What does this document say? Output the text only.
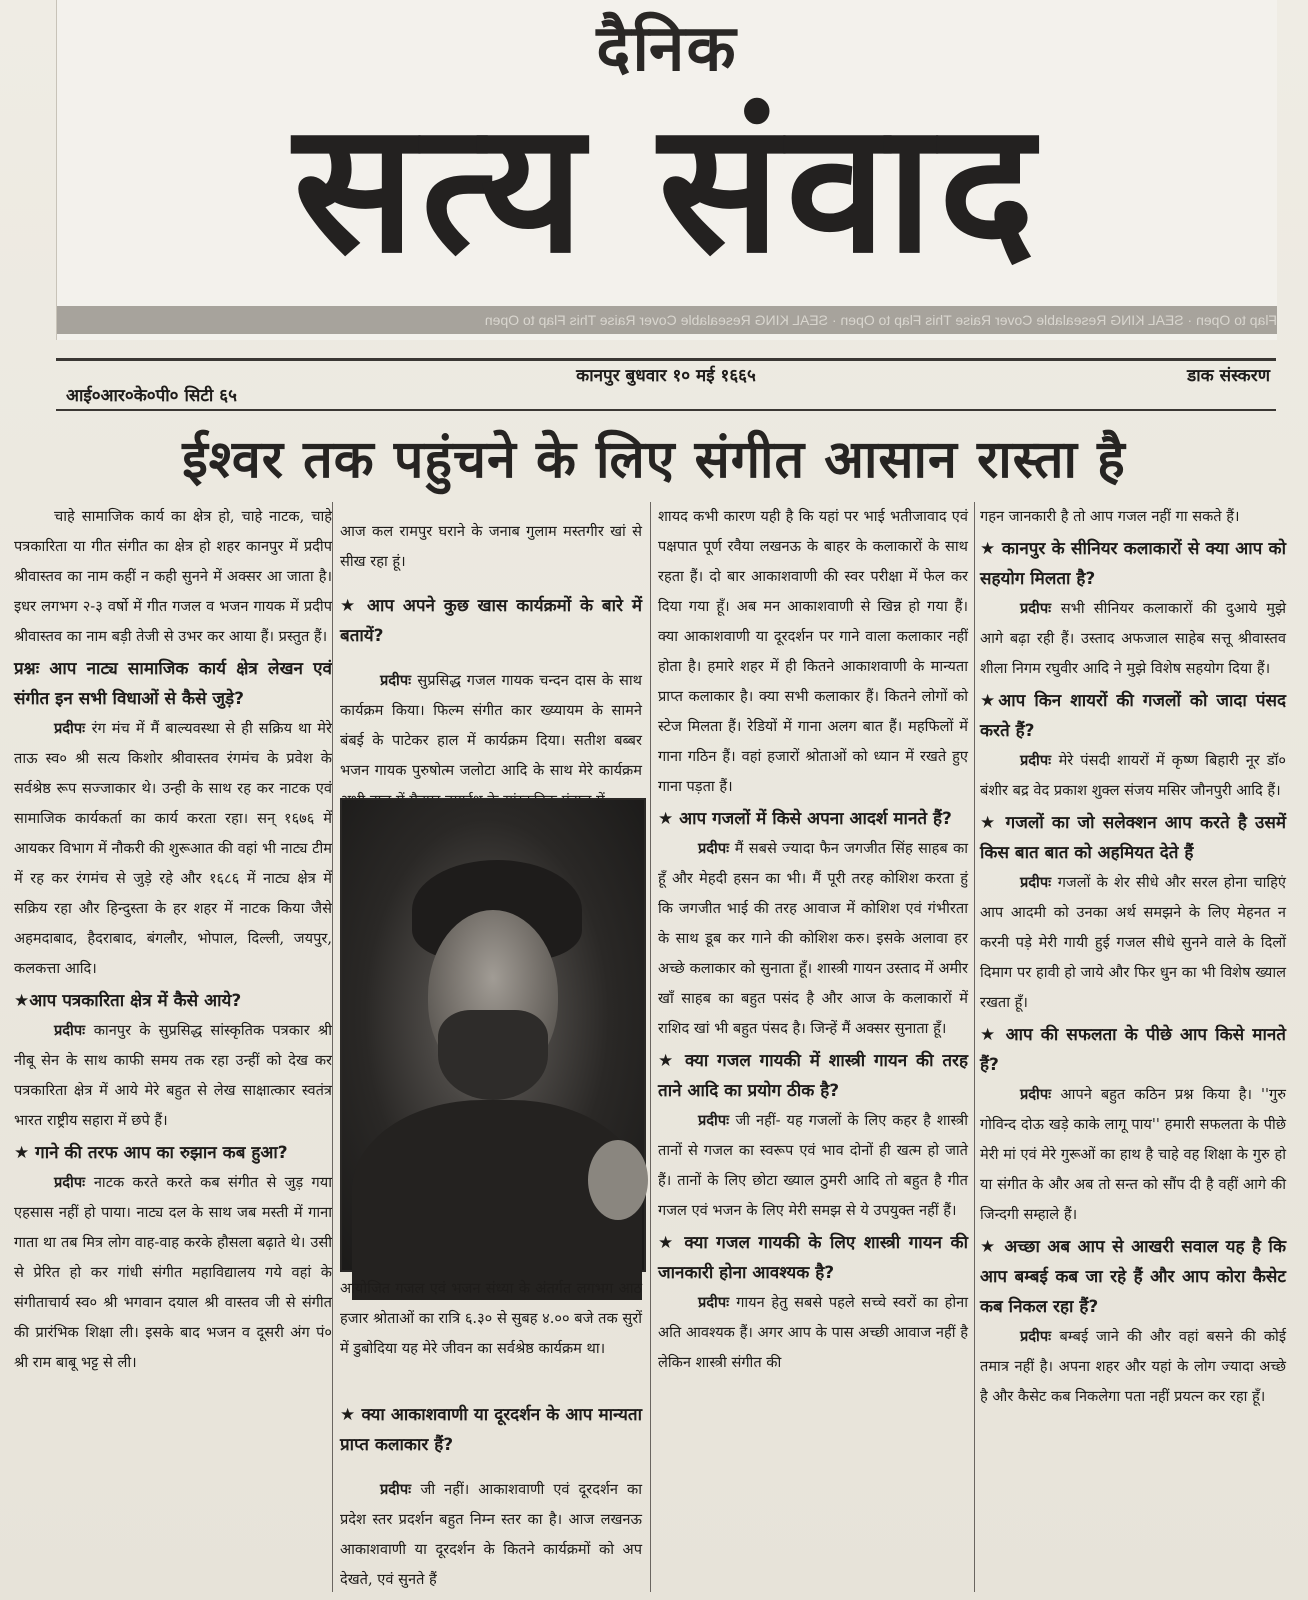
दैनिक
सत्य संवाद
Flap to Open · SEAL KING Resealable Cover Raise This Flap to Open · SEAL KING Resealable Cover Raise This Flap to Open
आई०आर०के०पी० सिटी ६५
कानपुर बुधवार १० मई १६६५	डाक संस्करण
ईश्वर तक पहुंचने के लिए संगीत आसान रास्ता है

चाहे सामाजिक कार्य का क्षेत्र हो, चाहे नाटक, चाहे पत्रकारिता या गीत संगीत का क्षेत्र हो शहर कानपुर में प्रदीप श्रीवास्तव का नाम कहीं न कही सुनने में अक्सर आ जाता है। इधर लगभग २-३ वर्षो में गीत गजल व भजन गायक में प्रदीप श्रीवास्तव का नाम बड़ी तेजी से उभर कर आया हैं। प्रस्तुत हैं।

प्रश्नः आप नाट्य सामाजिक कार्य क्षेत्र लेखन एवं संगीत इन सभी विधाओं से कैसे जुड़े?

प्रदीपः रंग मंच में मैं बाल्यवस्था से ही सक्रिय था मेरे ताऊ स्व० श्री सत्य किशोर श्रीवास्तव रंगमंच के प्रवेश के सर्वश्रेष्ठ रूप सज्जाकार थे। उन्ही के साथ रह कर नाटक एवं सामाजिक कार्यकर्ता का कार्य करता रहा। सन् १६७६ में आयकर विभाग में नौकरी की शुरूआत की वहां भी नाट्य टीम में रह कर रंगमंच से जुड़े रहे और १६८६ में नाट्य क्षेत्र में सक्रिय रहा और हिन्दुस्ता के हर शहर में नाटक किया जैसे अहमदाबाद, हैदराबाद, बंगलौर, भोपाल, दिल्ली, जयपुर, कलकत्ता आदि।

★आप पत्रकारिता क्षेत्र में कैसे आये?

प्रदीपः कानपुर के सुप्रसिद्ध सांस्कृतिक पत्रकार श्री नीबू सेन के साथ काफी समय तक रहा उन्हीं को देख कर पत्रकारिता क्षेत्र में आये मेरे बहुत से लेख साक्षात्कार स्वतंत्र भारत राष्ट्रीय सहारा में छपे हैं।

★ गाने की तरफ आप का रुझान कब हुआ?

प्रदीपः नाटक करते करते कब संगीत से जुड़ गया एहसास नहीं हो पाया। नाट्य दल के साथ जब मस्ती में गाना गाता था तब मित्र लोग वाह-वाह करके हौसला बढ़ाते थे। उसी से प्रेरित हो कर गांधी संगीत महाविद्यालय गये वहां के संगीताचार्य स्व० श्री भगवान दयाल श्री वास्तव जी से संगीत की प्रारंभिक शिक्षा ली। इसके बाद भजन व दूसरी अंग पं० श्री राम बाबू भट्ट से ली।

आज कल रामपुर घराने के जनाब गुलाम मस्तगीर खां से सीख रहा हूं।

★ आप अपने कुछ खास कार्यक्रमों के बारे में बतायें?

प्रदीपः सुप्रसिद्ध गजल गायक चन्दन दास के साथ कार्यक्रम किया। फिल्म संगीत कार ख्य्यायम के सामने बंबई के पाटेकर हाल में कार्यक्रम दिया। सतीश बब्बर भजन गायक पुरुषोत्म जलोटा आदि के साथ मेरे कार्यक्रम

आयोजित गजल एवं भजन संध्या के अंतर्गत लगभग आठ हजार श्रोताओं का रात्रि ६.३० से सुबह ४.०० बजे तक सुरों में डुबोदिया यह मेरे जीवन का सर्वश्रेष्ठ कार्यक्रम था।

★ क्या आकाशवाणी या दूरदर्शन के आप मान्यता प्राप्त कलाकार हैं?

प्रदीपः जी नहीं। आकाशवाणी एवं दूरदर्शन का प्रदेश स्तर प्रदर्शन बहुत निम्न स्तर का है। आज लखनऊ आकाशवाणी या दूरदर्शन के कितने कार्यक्रमों को अप देखते, एवं सुनते हैं

शायद कभी कारण यही है कि यहां पर भाई भतीजावाद एवं पक्षपात पूर्ण रवैया लखनऊ के बाहर के कलाकारों के साथ रहता हैं। दो बार आकाशवाणी की स्वर परीक्षा में फेल कर दिया गया हूँ। अब मन आकाशवाणी से खिन्न हो गया हैं। क्या आकाशवाणी या दूरदर्शन पर गाने वाला कलाकार नहीं होता है। हमारे शहर में ही कितने आकाशवाणी के मान्यता प्राप्त कलाकार है। क्या सभी कलाकार हैं। कितने लोगों को स्टेज मिलता हैं। रेडियों में गाना अलग बात हैं। महफिलों में गाना गठिन हैं। वहां हजारों श्रोताओं को ध्यान में रखते हुए गाना पड़ता हैं।

★ आप गजलों में किसे अपना आदर्श मानते हैं?

प्रदीपः मैं सबसे ज्यादा फैन जगजीत सिंह साहब का हूँ और मेहदी हसन का भी। मैं पूरी तरह कोशिश करता हुं कि जगजीत भाई की तरह आवाज में कोशिश एवं गंभीरता के साथ डूब कर गाने की कोशिश करु। इसके अलावा हर अच्छे कलाकार को सुनाता हूँ। शास्त्री गायन उस्ताद में अमीर खाँ साहब का बहुत पसंद है और आज के कलाकारों में राशिद खां भी बहुत पंसद है। जिन्हें मैं अक्सर सुनाता हूँ।

★ क्या गजल गायकी में शास्त्री गायन की तरह ताने आदि का प्रयोग ठीक है?

प्रदीपः जी नहीं- यह गजलों के लिए कहर है शास्त्री तानों से गजल का स्वरूप एवं भाव दोनों ही खत्म हो जाते हैं। तानों के लिए छोटा ख्याल ठुमरी आदि तो बहुत है गीत गजल एवं भजन के लिए मेरी समझ से ये उपयुक्त नहीं हैं।

★ क्या गजल गायकी के लिए शास्त्री गायन की जानकारी होना आवश्यक है?

प्रदीपः गायन हेतु सबसे पहले सच्चे स्वरों का होना अति आवश्यक हैं। अगर आप के पास अच्छी आवाज नहीं है लेकिन शास्त्री संगीत की

गहन जानकारी है तो आप गजल नहीं गा सकते हैं।

★ कानपुर के सीनियर कलाकारों से क्या आप को सहयोग मिलता है?

प्रदीपः सभी सीनियर कलाकारों की दुआये मुझे आगे बढ़ा रही हैं। उस्ताद अफजाल साहेब सत्तू श्रीवास्तव शीला निगम रघुवीर आदि ने मुझे विशेष सहयोग दिया हैं।

★आप किन शायरों की गजलों को जादा पंसद करते हैं?

प्रदीपः मेरे पंसदी शायरों में कृष्ण बिहारी नूर डॉ० बंशीर बद्र वेद प्रकाश शुक्ल संजय मसिर जौनपुरी आदि हैं।

★ गजलों का जो सलेक्शन आप करते है उसमें किस बात बात को अहमियत देते हैं

प्रदीपः गजलों के शेर सीधे और सरल होना चाहिएं आप आदमी को उनका अर्थ समझने के लिए मेहनत न करनी पड़े मेरी गायी हुई गजल सीधे सुनने वाले के दिलों दिमाग पर हावी हो जाये और फिर धुन का भी विशेष ख्याल रखता हूँ।

★ आप की सफलता के पीछे आप किसे मानते हैं?

प्रदीपः आपने बहुत कठिन प्रश्न किया है। ''गुरु गोविन्द दोऊ खड़े काके लागू पाय'' हमारी सफलता के पीछे मेरी मां एवं मेरे गुरूओं का हाथ है चाहे वह शिक्षा के गुरु हो या संगीत के और अब तो सन्त को सौंप दी है वहीं आगे की जिन्दगी सम्हाले हैं।

★ अच्छा अब आप से आखरी सवाल यह है कि आप बम्बई कब जा रहे हैं और आप कोरा कैसेट कब निकल रहा हैं?

प्रदीपः बम्बई जाने की और वहां बसने की कोई तमात्र नहीं है। अपना शहर और यहां के लोग ज्यादा अच्छे है और कैसेट कब निकलेगा पता नहीं प्रयत्न कर रहा हूँ।
